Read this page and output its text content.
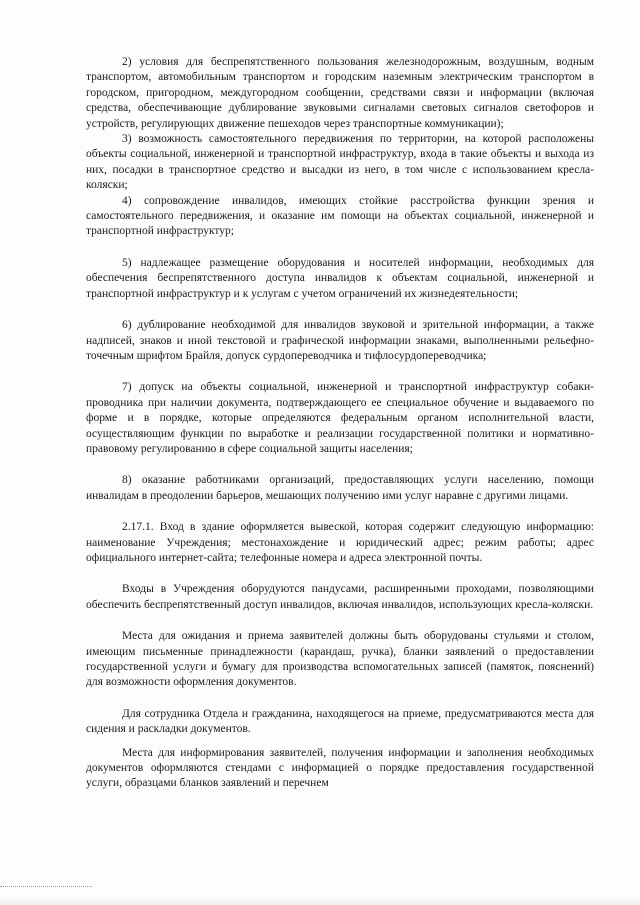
2) условия для беспрепятственного пользования железнодорожным, воздушным, водным транспортом, автомобильным транспортом и городским наземным электрическим транспортом в городском, пригородном, междугородном сообщении, средствами связи и информации (включая средства, обеспечивающие дублирование звуковыми сигналами световых сигналов светофоров и устройств, регулирующих движение пешеходов через транспортные коммуникации);

3) возможность самостоятельного передвижения по территории, на которой расположены объекты социальной, инженерной и транспортной инфраструктур, входа в такие объекты и выхода из них, посадки в транспортное средство и высадки из него, в том числе с использованием кресла-коляски;

4) сопровождение инвалидов, имеющих стойкие расстройства функции зрения и самостоятельного передвижения, и оказание им помощи на объектах социальной, инженерной и транспортной инфраструктур;

5) надлежащее размещение оборудования и носителей информации, необходимых для обеспечения беспрепятственного доступа инвалидов к объектам социальной, инженерной и транспортной инфраструктур и к услугам с учетом ограничений их жизнедеятельности;

6) дублирование необходимой для инвалидов звуковой и зрительной информации, а также надписей, знаков и иной текстовой и графической информации знаками, выполненными рельефно-точечным шрифтом Брайля, допуск сурдопереводчика и тифлосурдопереводчика;

7) допуск на объекты социальной, инженерной и транспортной инфраструктур собаки-проводника при наличии документа, подтверждающего ее специальное обучение и выдаваемого по форме и в порядке, которые определяются федеральным органом исполнительной власти, осуществляющим функции по выработке и реализации государственной политики и нормативно-правовому регулированию в сфере социальной защиты населения;

8) оказание работниками организаций, предоставляющих услуги населению, помощи инвалидам в преодолении барьеров, мешающих получению ими услуг наравне с другими лицами.

2.17.1. Вход в здание оформляется вывеской, которая содержит следующую информацию: наименование Учреждения; местонахождение и юридический адрес; режим работы; адрес официального интернет-сайта; телефонные номера и адреса электронной почты.

Входы в Учреждения оборудуются пандусами, расширенными проходами, позволяющими обеспечить беспрепятственный доступ инвалидов, включая инвалидов, использующих кресла-коляски.

Места для ожидания и приема заявителей должны быть оборудованы стульями и столом, имеющим письменные принадлежности (карандаш, ручка), бланки заявлений о предоставлении государственной услуги и бумагу для производства вспомогательных записей (памяток, пояснений) для возможности оформления документов.

Для сотрудника Отдела и гражданина, находящегося на приеме, предусматриваются места для сидения и раскладки документов.

Места для информирования заявителей, получения информации и заполнения необходимых документов оформляются стендами с информацией о порядке предоставления государственной услуги, образцами бланков заявлений и перечнем
